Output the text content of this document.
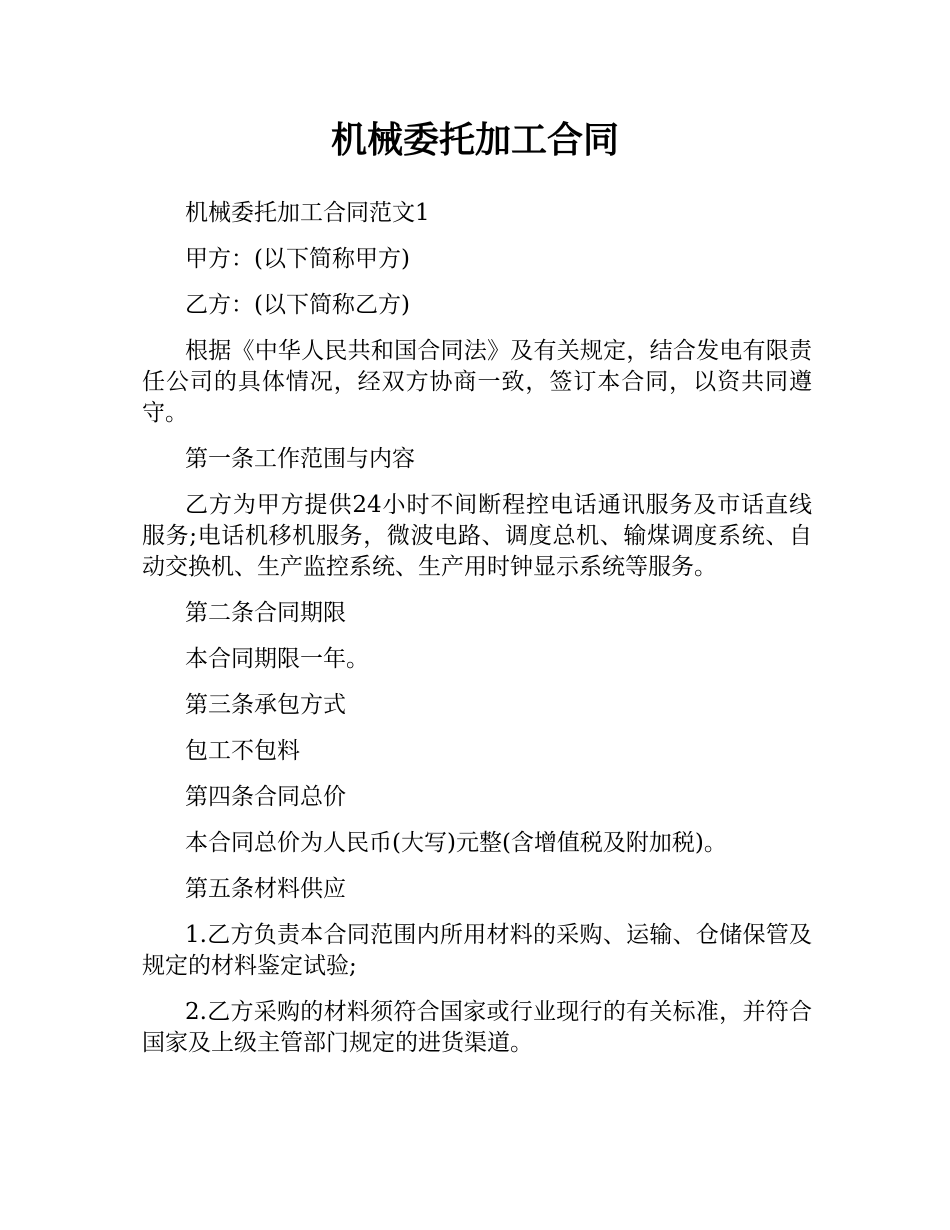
机械委托加工合同

机械委托加工合同范文1

甲方：(以下简称甲方)

乙方：(以下简称乙方)

根据《中华人民共和国合同法》及有关规定，结合发电有限责任公司的具体情况，经双方协商一致，签订本合同，以资共同遵守。

第一条工作范围与内容

乙方为甲方提供24小时不间断程控电话通讯服务及市话直线服务;电话机移机服务，微波电路、调度总机、输煤调度系统、自动交换机、生产监控系统、生产用时钟显示系统等服务。

第二条合同期限

本合同期限一年。

第三条承包方式

包工不包料

第四条合同总价

本合同总价为人民币(大写)元整(含增值税及附加税)。

第五条材料供应

1.乙方负责本合同范围内所用材料的采购、运输、仓储保管及规定的材料鉴定试验;

2.乙方采购的材料须符合国家或行业现行的有关标准，并符合国家及上级主管部门规定的进货渠道。
